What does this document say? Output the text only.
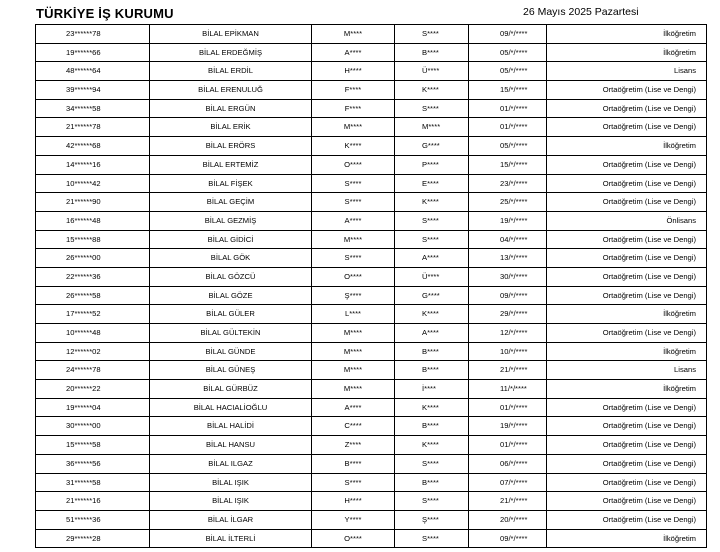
TÜRKİYE İŞ KURUMU	26 Mayıs 2025 Pazartesi
23******78	BİLAL EPİKMAN	M****	S****	09/*/****	İlköğretim
19******66	BİLAL ERDEĞMİŞ	A****	B****	05/*/****	İlköğretim
48******64	BİLAL ERDİL	H****	Ü****	05/*/****	Lisans
39******94	BİLAL ERENULUĞ	F****	K****	15/*/****	Ortaöğretim (Lise ve Dengi)
34******58	BİLAL ERGÜN	F****	S****	01/*/****	Ortaöğretim (Lise ve Dengi)
21******78	BİLAL ERİK	M****	M****	01/*/****	Ortaöğretim (Lise ve Dengi)
42******68	BİLAL ERÖRS	K****	G****	05/*/****	İlköğretim
14******16	BİLAL ERTEMİZ	O****	P****	15/*/****	Ortaöğretim (Lise ve Dengi)
10******42	BİLAL FİŞEK	S****	E****	23/*/****	Ortaöğretim (Lise ve Dengi)
21******90	BİLAL GEÇİM	S****	K****	25/*/****	Ortaöğretim (Lise ve Dengi)
16******48	BİLAL GEZMİŞ	A****	S****	19/*/****	Önlisans
15******88	BİLAL GİDİCİ	M****	S****	04/*/****	Ortaöğretim (Lise ve Dengi)
26******00	BİLAL GÖK	S****	A****	13/*/****	Ortaöğretim (Lise ve Dengi)
22******36	BİLAL GÖZCÜ	O****	Ü****	30/*/****	Ortaöğretim (Lise ve Dengi)
26******58	BİLAL GÖZE	Ş****	G****	09/*/****	Ortaöğretim (Lise ve Dengi)
17******52	BİLAL GÜLER	L****	K****	29/*/****	İlköğretim
10******48	BİLAL GÜLTEKİN	M****	A****	12/*/****	Ortaöğretim (Lise ve Dengi)
12******02	BİLAL GÜNDE	M****	B****	10/*/****	İlköğretim
24******78	BİLAL GÜNEŞ	M****	B****	21/*/****	Lisans
20******22	BİLAL GÜRBÜZ	M****	İ****	11/*/****	İlköğretim
19******04	BİLAL HACIALİOĞLU	A****	K****	01/*/****	Ortaöğretim (Lise ve Dengi)
30******00	BİLAL HALİDİ	C****	B****	19/*/****	Ortaöğretim (Lise ve Dengi)
15******58	BİLAL HANSU	Z****	K****	01/*/****	Ortaöğretim (Lise ve Dengi)
36******56	BİLAL ILGAZ	B****	S****	06/*/****	Ortaöğretim (Lise ve Dengi)
31******58	BİLAL IŞIK	S****	B****	07/*/****	Ortaöğretim (Lise ve Dengi)
21******16	BİLAL IŞIK	H****	S****	21/*/****	Ortaöğretim (Lise ve Dengi)
51******36	BİLAL İLGAR	Y****	Ş****	20/*/****	Ortaöğretim (Lise ve Dengi)
29******28	BİLAL İLTERLİ	O****	S****	09/*/****	İlköğretim
